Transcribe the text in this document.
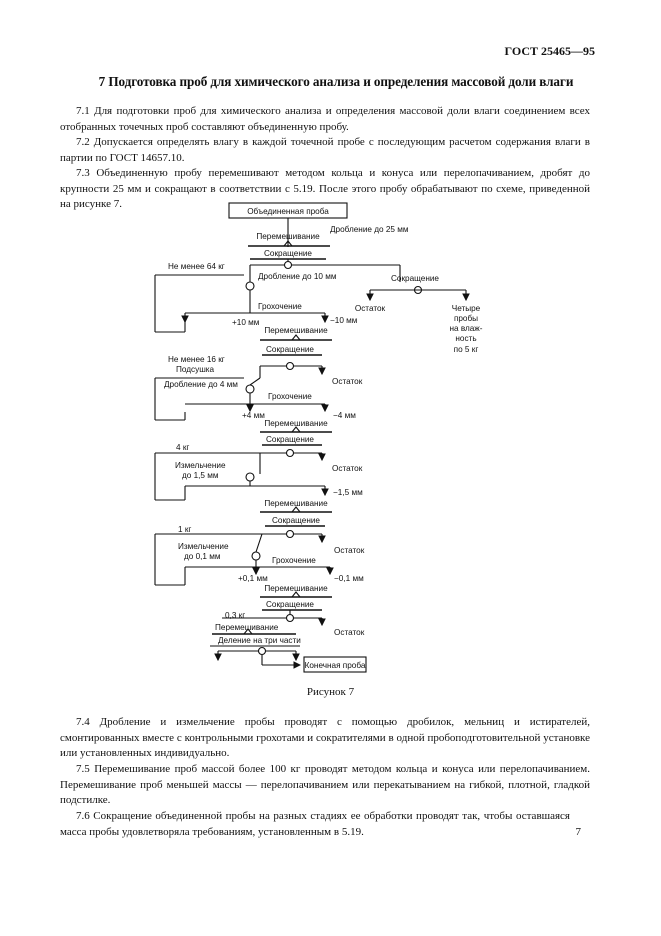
ГОСТ 25465—95
7 Подготовка проб для химического анализа и определения массовой доли влаги

7.1 Для подготовки проб для химического анализа и определения массовой доли влаги соединением всех отобранных точечных проб составляют объединенную пробу.

7.2 Допускается определять влагу в каждой точечной пробе с последующим расчетом содержания влаги в партии по ГОСТ 14657.10.

7.3 Объединенную пробу перемешивают методом кольца и конуса или перелопачиванием, дробят до крупности 25 мм и сокращают в соответствии с 5.19. После этого пробу обрабатывают по схеме, приведенной на рисунке 7.

Объединенная проба
Дробление до 25 мм
Перемешивание
Сокращение
Сокращение
Остаток	Четыре
пробы
на влаж-
ность
по 5 кг
Дробление до 10 мм
Не менее 64 кг
Грохочение
+10 мм	−10 мм
Перемешивание
Сокращение
Остаток
Не менее 16 кг
Подсушка
Дробление до 4 мм
Грохочение
+4 мм	−4 мм
Перемешивание
Сокращение
Остаток
4 кг
Измельчение
до 1,5 мм
−1,5 мм
Перемешивание
Сокращение
Остаток
1 кг
Измельчение
до 0,1 мм	Грохочение
+0,1 мм	−0,1 мм
Перемешивание
Сокращение
Остаток
0,3 кг
Перемешивание
Деление на три части
Конечная проба
Рисунок 7

7.4 Дробление и измельчение пробы проводят с помощью дробилок, мельниц и истирателей, смонтированных вместе с контрольными грохотами и сократителями в одной пробоподготовительной установке или установленных индивидуально.

7.5 Перемешивание проб массой более 100 кг проводят методом кольца и конуса или перелопачиванием. Перемешивание проб меньшей массы — перелопачиванием или перекатыванием на гибкой, плотной, гладкой подстилке.

7.6 Сокращение объединенной пробы на разных стадиях ее обработки проводят так, чтобы оставшаяся масса пробы удовлетворяла требованиям, установленным в 5.19.	7
